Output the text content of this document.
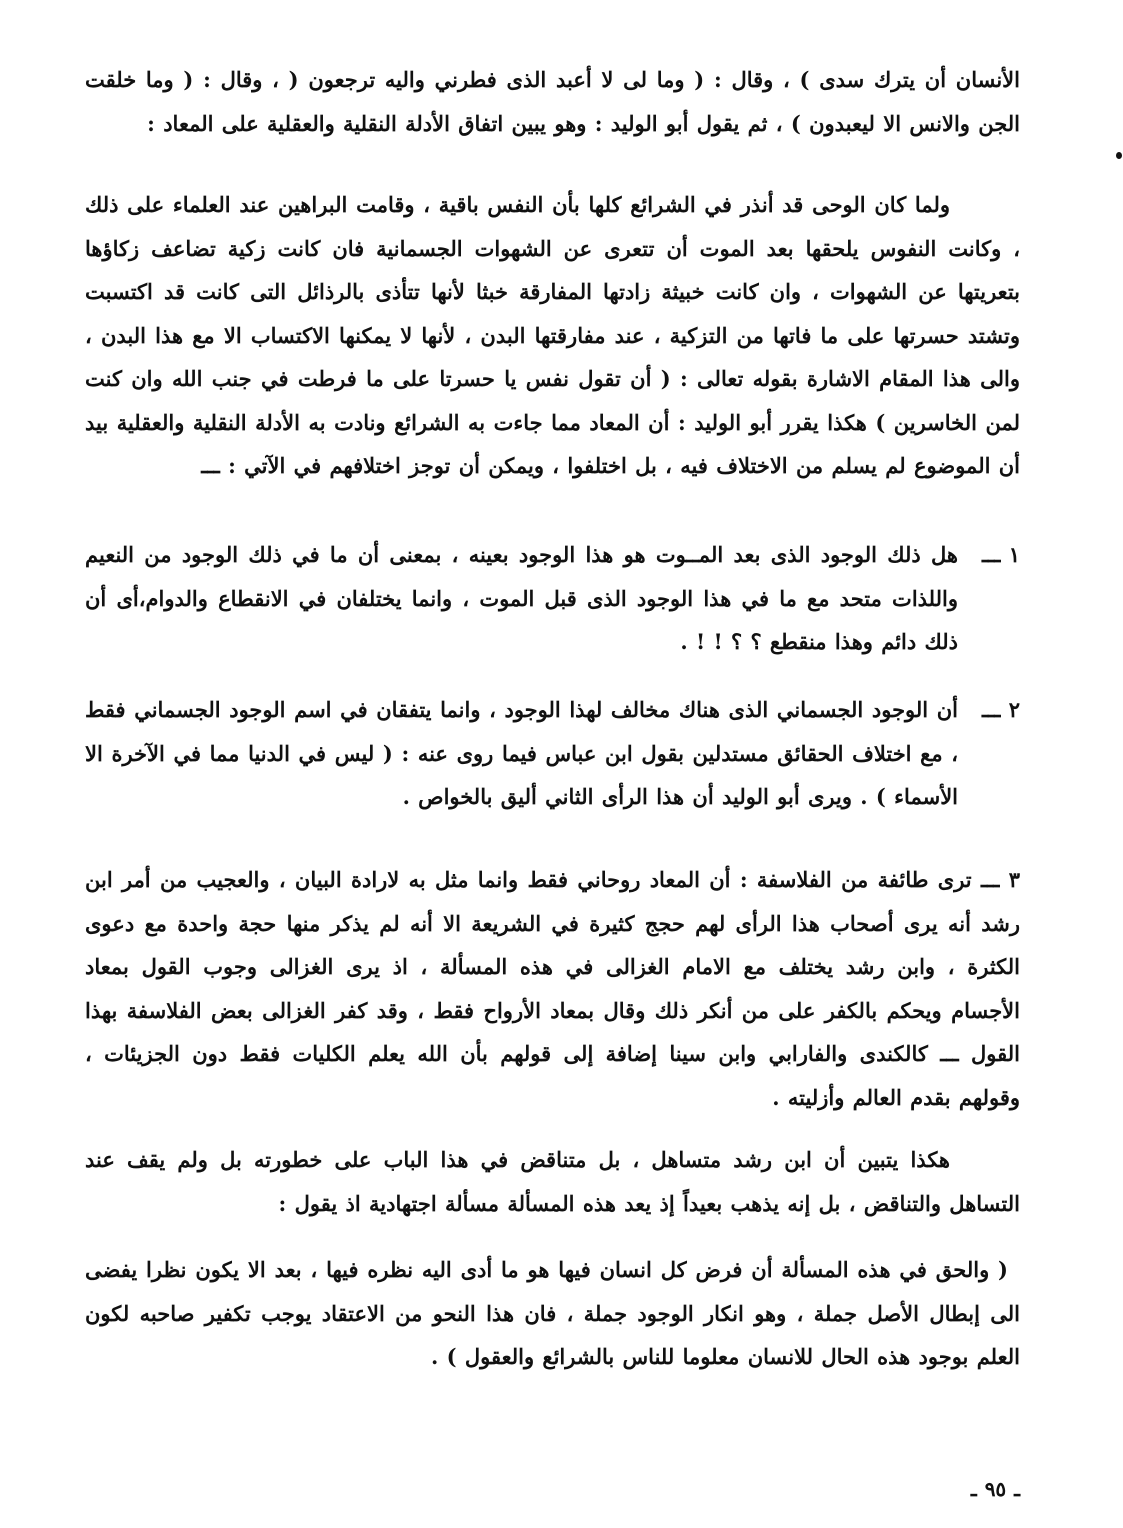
الأنسان أن يترك سدى ) ، وقال : ( وما لى لا أعبد الذى فطرني واليه ترجعون ( ، وقال : ( وما خلقت الجن والانس الا ليعبدون ) ، ثم يقول أبو الوليد : وهو يبين اتفاق الأدلة النقلية والعقلية على المعاد :

ولما كان الوحى قد أنذر في الشرائع كلها بأن النفس باقية ، وقامت البراهين عند العلماء على ذلك ، وكانت النفوس يلحقها بعد الموت أن تتعرى عن الشهوات الجسمانية فان كانت زكية تضاعف زكاؤها بتعريتها عن الشهوات ، وان كانت خبيثة زادتها المفارقة خبثا لأنها تتأذى بالرذائل التى كانت قد اكتسبت وتشتد حسرتها على ما فاتها من التزكية ، عند مفارقتها البدن ، لأنها لا يمكنها الاكتساب الا مع هذا البدن ، والى هذا المقام الاشارة بقوله تعالى : ( أن تقول نفس يا حسرتا على ما فرطت في جنب الله وان كنت لمن الخاسرين ) هكذا يقرر أبو الوليد : أن المعاد مما جاءت به الشرائع ونادت به الأدلة النقلية والعقلية بيد أن الموضوع لم يسلم من الاختلاف فيه ، بل اختلفوا ، ويمكن أن توجز اختلافهم في الآتي : ـــ

١ ـــ
هل ذلك الوجود الذى بعد المــوت هو هذا الوجود بعينه ، بمعنى أن ما في ذلك الوجود من النعيم واللذات متحد مع ما في هذا الوجود الذى قبل الموت ، وانما يختلفان في الانقطاع والدوام،أى أن ذلك دائم وهذا منقطع ؟ ؟ ! ! .
٢ ـــ
أن الوجود الجسماني الذى هناك مخالف لهذا الوجود ، وانما يتفقان في اسم الوجود الجسماني فقط ، مع اختلاف الحقائق مستدلين بقول ابن عباس فيما روى عنه : ( ليس في الدنيا مما في الآخرة الا الأسماء ) . ويرى أبو الوليد أن هذا الرأى الثاني أليق بالخواص .

٣ ـــ ترى طائفة من الفلاسفة : أن المعاد روحاني فقط وانما مثل به لارادة البيان ، والعجيب من أمر ابن رشد أنه يرى أصحاب هذا الرأى لهم حجج كثيرة في الشريعة الا أنه لم يذكر منها حجة واحدة مع دعوى الكثرة ، وابن رشد يختلف مع الامام الغزالى في هذه المسألة ، اذ يرى الغزالى وجوب القول بمعاد الأجسام ويحكم بالكفر على من أنكر ذلك وقال بمعاد الأرواح فقط ، وقد كفر الغزالى بعض الفلاسفة بهذا القول ـــ كالكندى والفارابي وابن سينا إضافة إلى قولهم بأن الله يعلم الكليات فقط دون الجزيئات ، وقولهم بقدم العالم وأزليته .

هكذا يتبين أن ابن رشد متساهل ، بل متناقض في هذا الباب على خطورته بل ولم يقف عند التساهل والتناقض ، بل إنه يذهب بعيداً إذ يعد هذه المسألة مسألة اجتهادية اذ يقول :

( والحق في هذه المسألة أن فرض كل انسان فيها هو ما أدى اليه نظره فيها ، بعد الا يكون نظرا يفضى الى إبطال الأصل جملة ، وهو انكار الوجود جملة ، فان هذا النحو من الاعتقاد يوجب تكفير صاحبه لكون العلم بوجود هذه الحال للانسان معلوما للناس بالشرائع والعقول ) .

ـ ٩٥ ـ
